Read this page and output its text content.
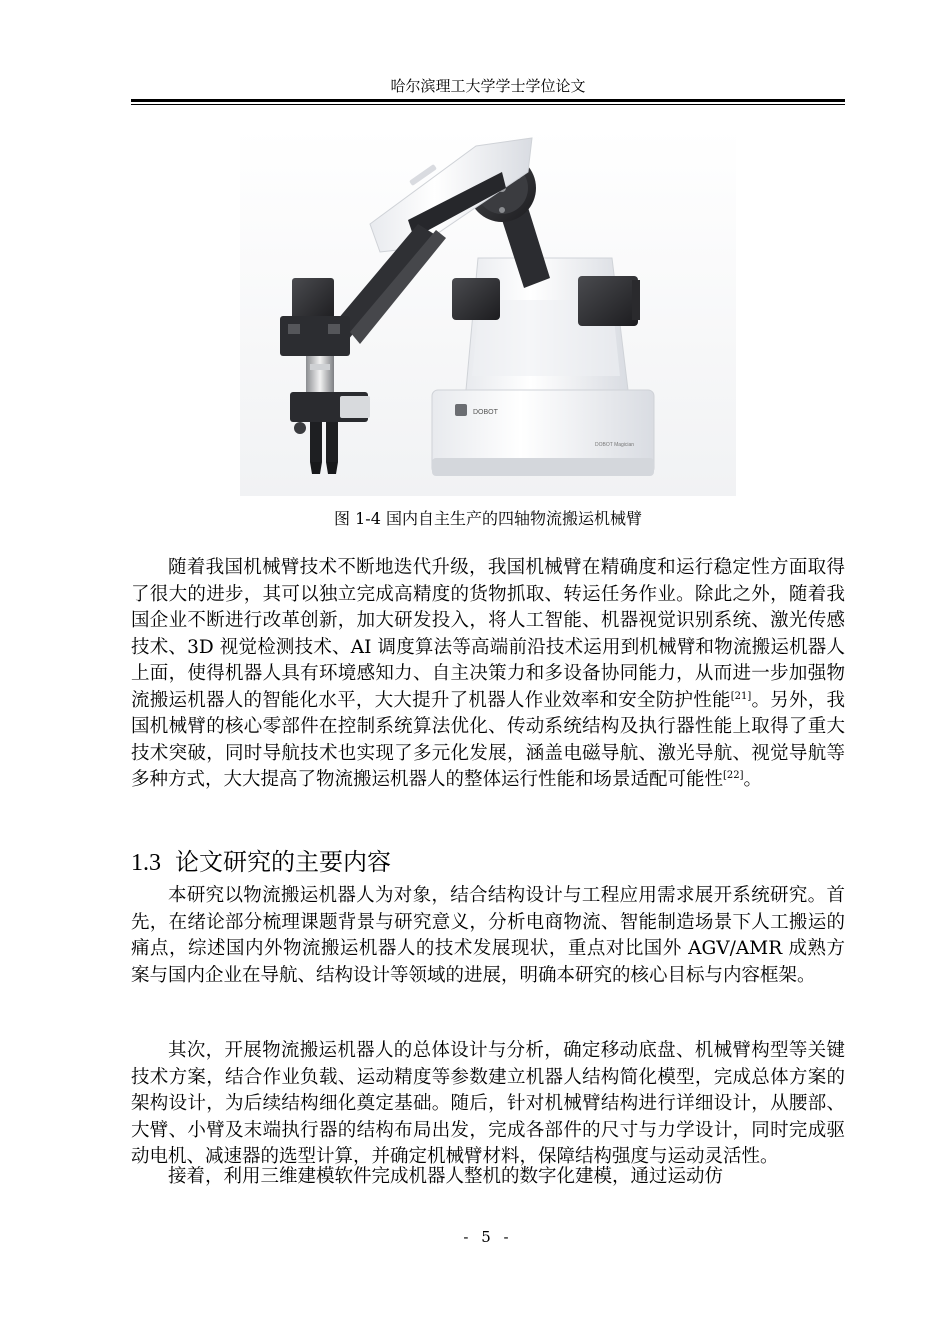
哈尔滨理工大学学士学位论文
DOBOT
DOBOT Magician
图 1-4 国内自主生产的四轴物流搬运机械臂

随着我国机械臂技术不断地迭代升级，我国机械臂在精确度和运行稳定性方面取得了很大的进步，其可以独立完成高精度的货物抓取、转运任务作业。除此之外，随着我国企业不断进行改革创新，加大研发投入，将人工智能、机器视觉识别系统、激光传感技术、3D 视觉检测技术、AI 调度算法等高端前沿技术运用到机械臂和物流搬运机器人上面，使得机器人具有环境感知力、自主决策力和多设备协同能力，从而进一步加强物流搬运机器人的智能化水平，大大提升了机器人作业效率和安全防护性能[21]。另外，我国机械臂的核心零部件在控制系统算法优化、传动系统结构及执行器性能上取得了重大技术突破，同时导航技术也实现了多元化发展，涵盖电磁导航、激光导航、视觉导航等多种方式，大大提高了物流搬运机器人的整体运行性能和场景适配可能性[22]。

1.3 论文研究的主要内容

本研究以物流搬运机器人为对象，结合结构设计与工程应用需求展开系统研究。首先，在绪论部分梳理课题背景与研究意义，分析电商物流、智能制造场景下人工搬运的痛点，综述国内外物流搬运机器人的技术发展现状，重点对比国外 AGV/AMR 成熟方案与国内企业在导航、结构设计等领域的进展，明确本研究的核心目标与内容框架。

其次，开展物流搬运机器人的总体设计与分析，确定移动底盘、机械臂构型等关键技术方案，结合作业负载、运动精度等参数建立机器人结构简化模型，完成总体方案的架构设计，为后续结构细化奠定基础。随后，针对机械臂结构进行详细设计，从腰部、大臂、小臂及末端执行器的结构布局出发，完成各部件的尺寸与力学设计，同时完成驱动电机、减速器的选型计算，并确定机械臂材料，保障结构强度与运动灵活性。

接着，利用三维建模软件完成机器人整机的数字化建模，通过运动仿

- 5 -
